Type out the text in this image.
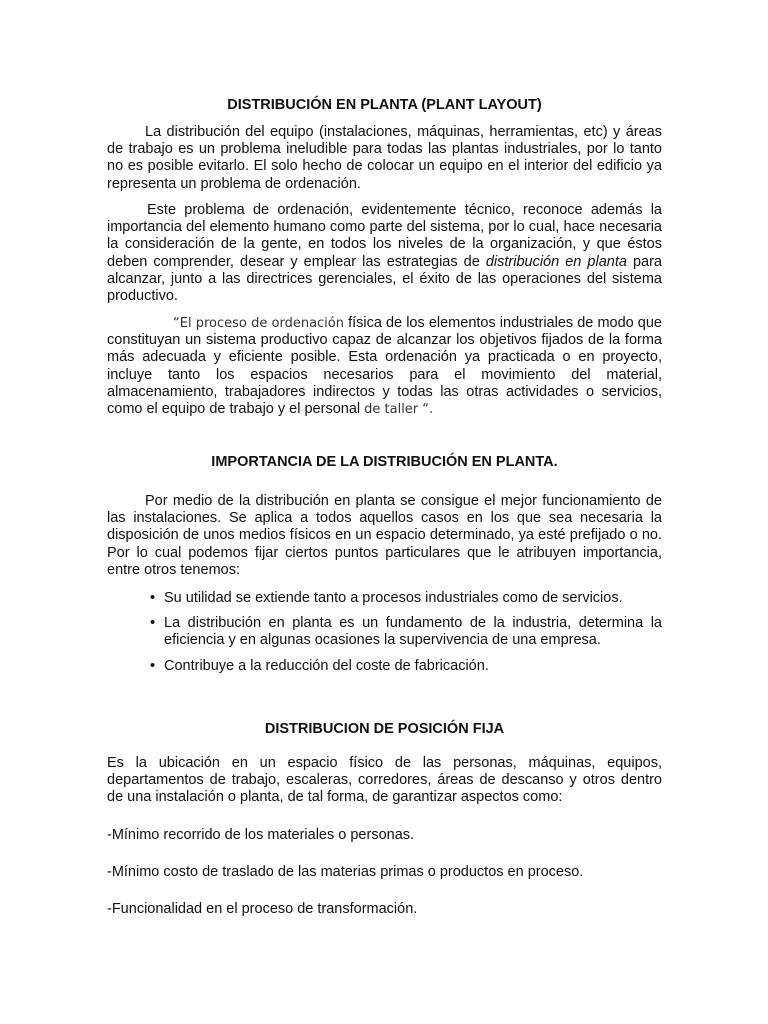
DISTRIBUCIÓN EN PLANTA (PLANT LAYOUT)

La distribución del equipo (instalaciones, máquinas, herramientas, etc) y áreas de trabajo es un problema ineludible para todas las plantas industriales, por lo tanto no es posible evitarlo. El solo hecho de colocar un equipo en el interior del edificio ya representa un problema de ordenación.

Este problema de ordenación, evidentemente técnico, reconoce además la importancia del elemento humano como parte del sistema, por lo cual, hace necesaria la consideración de la gente, en todos los niveles de la organización, y que éstos deben comprender, desear y emplear las estrategias de distribución en planta para alcanzar, junto a las directrices gerenciales, el éxito de las operaciones del sistema productivo.

“El proceso de ordenación física de los elementos industriales de modo que constituyan un sistema productivo capaz de alcanzar los objetivos fijados de la forma más adecuada y eficiente posible. Esta ordenación ya practicada o en proyecto, incluye tanto los espacios necesarios para el movimiento del material, almacenamiento, trabajadores indirectos y todas las otras actividades o servicios, como el equipo de trabajo y el personal de taller “.

IMPORTANCIA DE LA DISTRIBUCIÓN EN PLANTA.

Por medio de la distribución en planta se consigue el mejor funcionamiento de las instalaciones. Se aplica a todos aquellos casos en los que sea necesaria la disposición de unos medios físicos en un espacio determinado, ya esté prefijado o no. Por lo cual podemos fijar ciertos puntos particulares que le atribuyen importancia, entre otros tenemos:

• Su utilidad se extiende tanto a procesos industriales como de servicios.
• La distribución en planta es un fundamento de la industria, determina la eficiencia y en algunas ocasiones la supervivencia de una empresa.
• Contribuye a la reducción del coste de fabricación.
DISTRIBUCION DE POSICIÓN FIJA

Es la ubicación en un espacio físico de las personas, máquinas, equipos, departamentos de trabajo, escaleras, corredores, áreas de descanso y otros dentro de una instalación o planta, de tal forma, de garantizar aspectos como:

-Mínimo recorrido de los materiales o personas.

-Mínimo costo de traslado de las materias primas o productos en proceso.

-Funcionalidad en el proceso de transformación.
